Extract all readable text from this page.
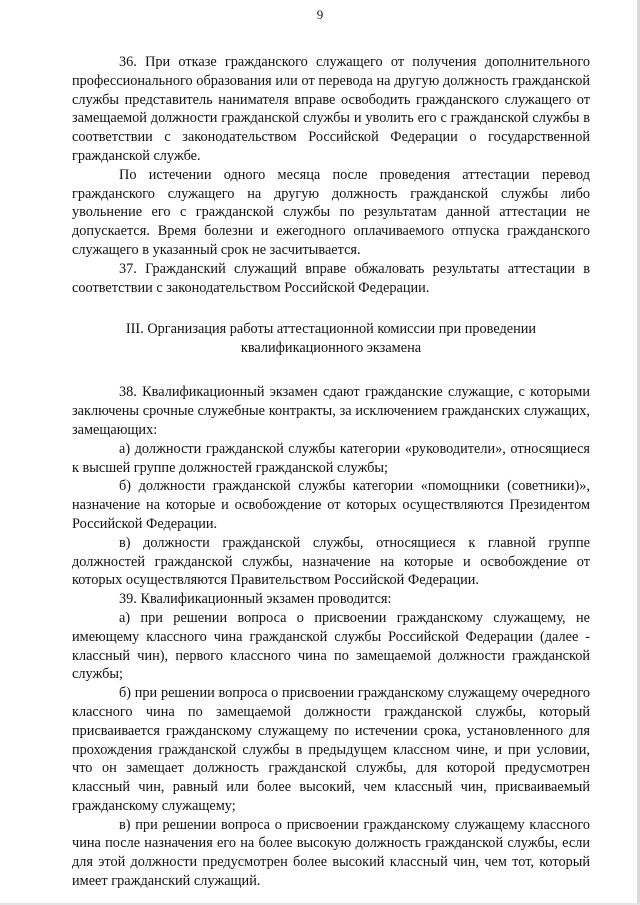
9

36. При отказе гражданского служащего от получения дополнительного профессионального образования или от перевода на другую должность гражданской службы представитель нанимателя вправе освободить гражданского служащего от замещаемой должности гражданской службы и уволить его с гражданской службы в соответствии с законодательством Российской Федерации о государственной гражданской службе.

По истечении одного месяца после проведения аттестации перевод гражданского служащего на другую должность гражданской службы либо увольнение его с гражданской службы по результатам данной аттестации не допускается. Время болезни и ежегодного оплачиваемого отпуска гражданского служащего в указанный срок не засчитывается.

37. Гражданский служащий вправе обжаловать результаты аттестации в соответствии с законодательством Российской Федерации.

III. Организация работы аттестационной комиссии при проведении
квалификационного экзамена

38. Квалификационный экзамен сдают гражданские служащие, с которыми заключены срочные служебные контракты, за исключением гражданских служащих, замещающих:

а) должности гражданской службы категории «руководители», относящиеся к высшей группе должностей гражданской службы;

б) должности гражданской службы категории «помощники (советники)», назначение на которые и освобождение от которых осуществляются Президентом Российской Федерации.

в) должности гражданской службы, относящиеся к главной группе должностей гражданской службы, назначение на которые и освобождение от которых осуществляются Правительством Российской Федерации.

39. Квалификационный экзамен проводится:

а) при решении вопроса о присвоении гражданскому служащему, не имеющему классного чина гражданской службы Российской Федерации (далее - классный чин), первого классного чина по замещаемой должности гражданской службы;

б) при решении вопроса о присвоении гражданскому служащему очередного классного чина по замещаемой должности гражданской службы, который присваивается гражданскому служащему по истечении срока, установленного для прохождения гражданской службы в предыдущем классном чине, и при условии, что он замещает должность гражданской службы, для которой предусмотрен классный чин, равный или более высокий, чем классный чин, присваиваемый гражданскому служащему;

в) при решении вопроса о присвоении гражданскому служащему классного чина после назначения его на более высокую должность гражданской службы, если для этой должности предусмотрен более высокий классный чин, чем тот, который имеет гражданский служащий.
